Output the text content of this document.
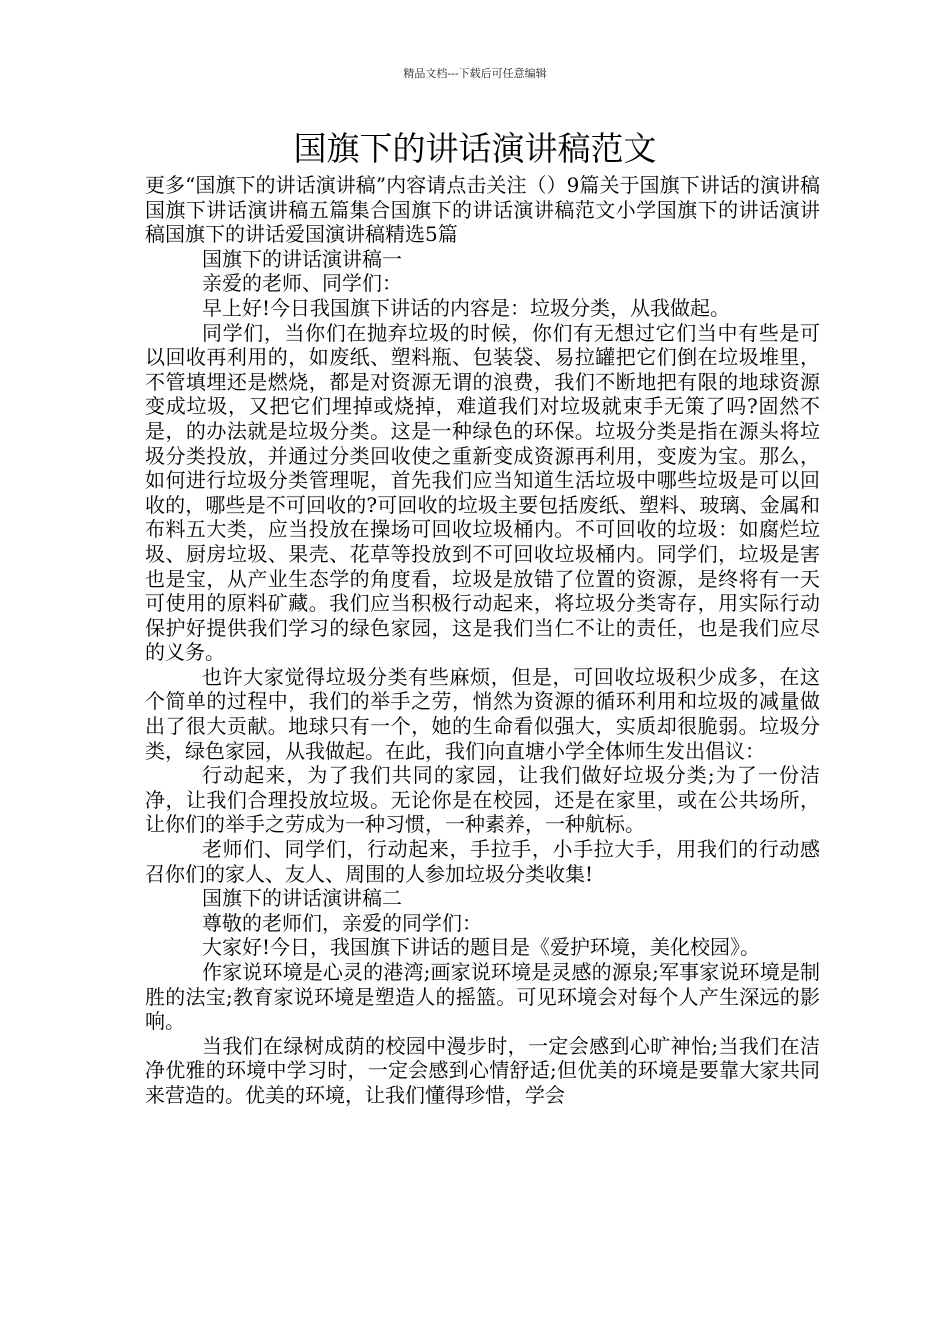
精品文档---下载后可任意编辑
国旗下的讲话演讲稿范文

更多“国旗下的讲话演讲稿”内容请点击关注（）9篇关于国旗下讲话的演讲稿国旗下讲话演讲稿五篇集合国旗下的讲话演讲稿范文小学国旗下的讲话演讲稿国旗下的讲话爱国演讲稿精选5篇

国旗下的讲话演讲稿一

亲爱的老师、同学们：

早上好!今日我国旗下讲话的内容是：垃圾分类，从我做起。

同学们，当你们在抛弃垃圾的时候，你们有无想过它们当中有些是可以回收再利用的，如废纸、塑料瓶、包装袋、易拉罐把它们倒在垃圾堆里，不管填埋还是燃烧，都是对资源无谓的浪费，我们不断地把有限的地球资源变成垃圾，又把它们埋掉或烧掉，难道我们对垃圾就束手无策了吗?固然不是，的办法就是垃圾分类。这是一种绿色的环保。垃圾分类是指在源头将垃圾分类投放，并通过分类回收使之重新变成资源再利用，变废为宝。那么，如何进行垃圾分类管理呢，首先我们应当知道生活垃圾中哪些垃圾是可以回收的，哪些是不可回收的?可回收的垃圾主要包括废纸、塑料、玻璃、金属和布料五大类，应当投放在操场可回收垃圾桶内。不可回收的垃圾：如腐烂垃圾、厨房垃圾、果壳、花草等投放到不可回收垃圾桶内。同学们，垃圾是害也是宝，从产业生态学的角度看，垃圾是放错了位置的资源，是终将有一天可使用的原料矿藏。我们应当积极行动起来，将垃圾分类寄存，用实际行动保护好提供我们学习的绿色家园，这是我们当仁不让的责任，也是我们应尽的义务。

也许大家觉得垃圾分类有些麻烦，但是，可回收垃圾积少成多，在这个简单的过程中，我们的举手之劳，悄然为资源的循环利用和垃圾的减量做出了很大贡献。地球只有一个，她的生命看似强大，实质却很脆弱。垃圾分类，绿色家园，从我做起。在此，我们向直塘小学全体师生发出倡议：

行动起来，为了我们共同的家园，让我们做好垃圾分类;为了一份洁净，让我们合理投放垃圾。无论你是在校园，还是在家里，或在公共场所，让你们的举手之劳成为一种习惯，一种素养，一种航标。

老师们、同学们，行动起来，手拉手，小手拉大手，用我们的行动感召你们的家人、友人、周围的人参加垃圾分类收集!

国旗下的讲话演讲稿二

尊敬的老师们，亲爱的同学们：

大家好!今日，我国旗下讲话的题目是《爱护环境，美化校园》。

作家说环境是心灵的港湾;画家说环境是灵感的源泉;军事家说环境是制胜的法宝;教育家说环境是塑造人的摇篮。可见环境会对每个人产生深远的影响。

当我们在绿树成荫的校园中漫步时，一定会感到心旷神怡;当我们在洁净优雅的环境中学习时，一定会感到心情舒适;但优美的环境是要靠大家共同来营造的。优美的环境，让我们懂得珍惜，学会
